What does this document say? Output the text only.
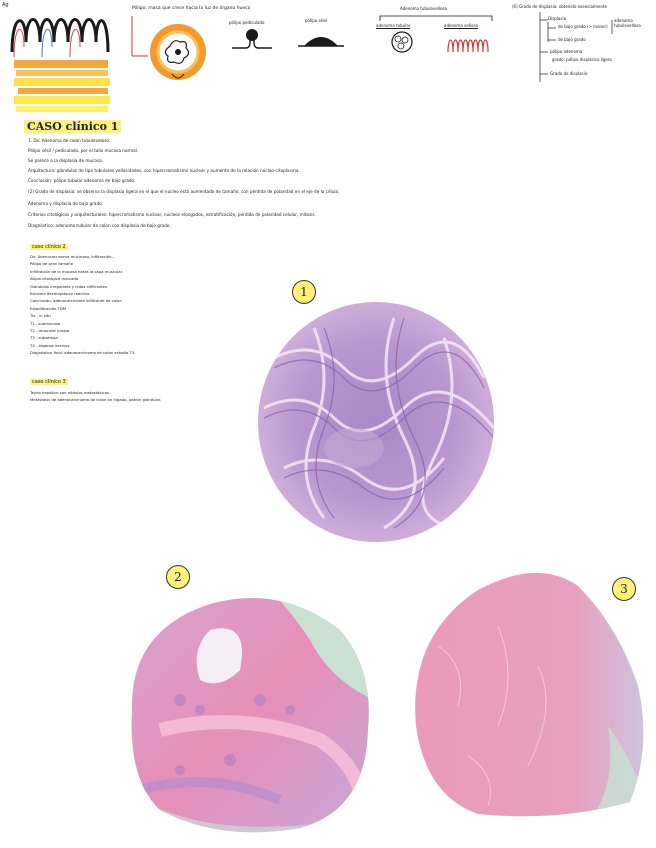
Ag
Pólipo: masa que crece hacia la luz de órgano hueco
pólipo pediculado	pólipo sésil
Adenoma tubulovelloso
adenoma tubular	adenoma velloso
(6) Grado de displasia: obtenido esencialmente
Displasia
de bajo grado (> menor)
adenoma tubulovelloso
de bajo grado
pólipo adenoma
grado: pólipo displásico ligero
Grado de displasia
CASO clínico 1
1. Dx: Adenoma de colon tubuloveloso.
Pólipo sésil / pediculado, por el tallo mucosa normal.
Se parece a la displasia de mucosa.
Arquitectura: glándulas de tipo tubulares vellosidades, con hipercromatismo nuclear y aumento de la relación núcleo-citoplasma.
Conclusión: pólipo tubular adenoma de bajo grado.
(2) Grado de displasia: se observa la displasia ligera en el que el núcleo está aumentado de tamaño, con pérdida de polaridad en el eje de la célula.
Adenoma y displasia de bajo grado.
Criterios citológicos y arquitecturales: hipercromatismo nuclear, núcleos elongados, estratificación, pérdida de polaridad celular, mitosis.
Diagnóstico: adenoma tubular de colon con displasia de bajo grado.
caso clínico 2
Dx: Adenocarcinoma mucinoso, infiltración...
Pólipo de gran tamaño
Infiltración de la mucosa hasta la capa muscular.
Atipia citológica marcada
Glándulas irregulares y nidos infiltrantes
Estroma desmoplásico reactivo
Conclusión: adenocarcinoma infiltrante de colon
Estadificación TNM
Tis - in situ
T1 - submucosa
T2 - muscular propia
T3 - subserosa
T4 - órganos vecinos
Diagnóstico final: adenocarcinoma de colon estadio T3.
caso clínico 3
Tejido hepático con nódulos metastásicos.
Metástasis de adenocarcinoma de colon en hígado, patrón glandular.
1
2
3
